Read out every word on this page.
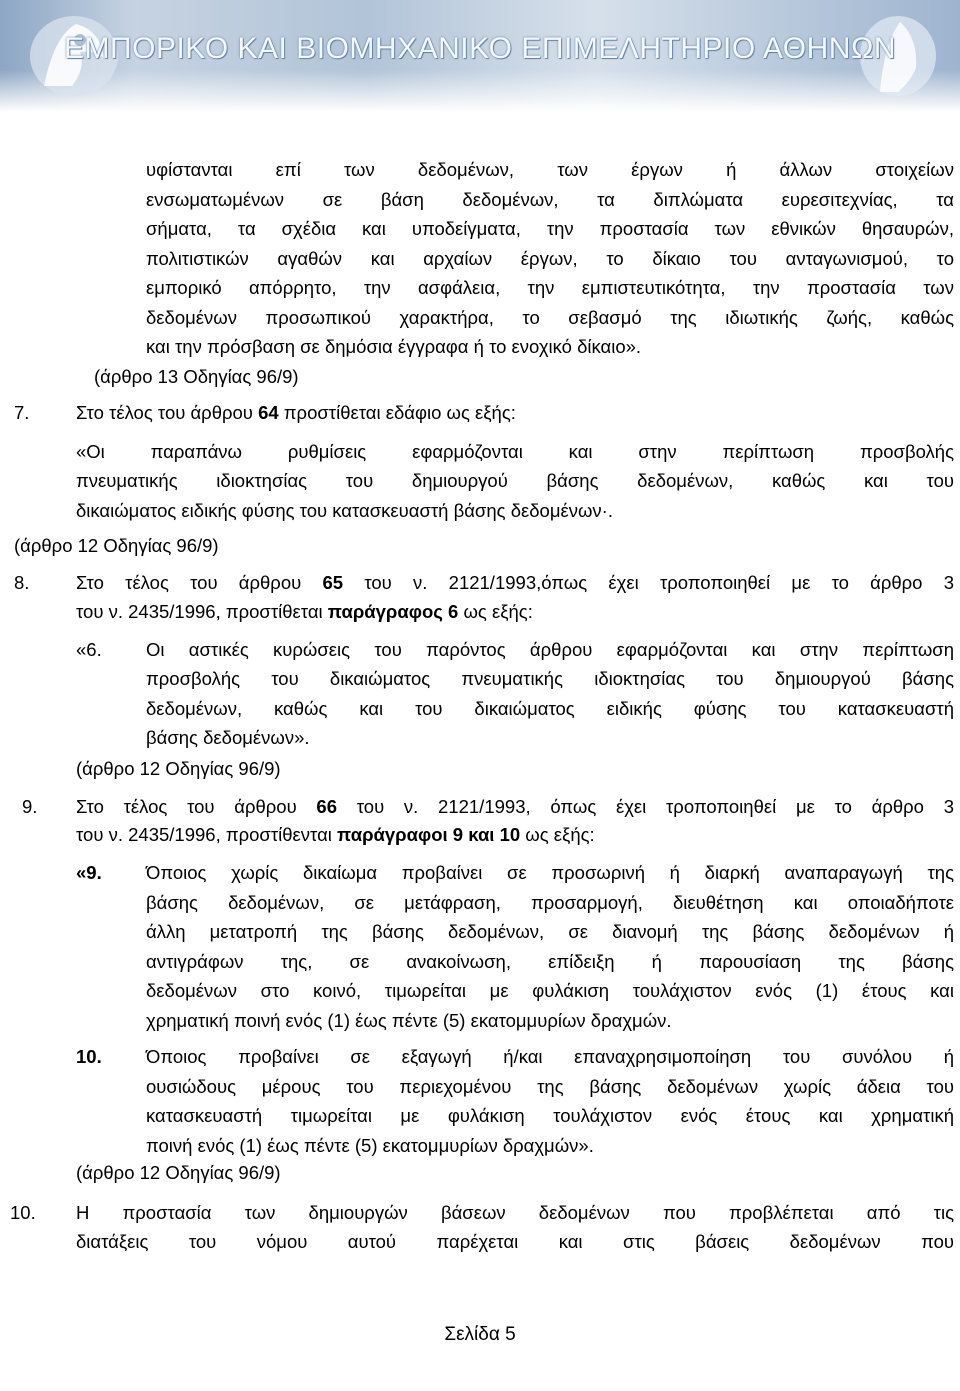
ΕΜΠΟΡΙΚΟ ΚΑΙ ΒΙΟΜΗΧΑΝΙΚΟ ΕΠΙΜΕΛΗΤΗΡΙΟ ΑΘΗΝΩΝ
υφίστανται επί των δεδομένων, των έργων ή άλλων στοιχείων
ενσωματωμένων σε βάση δεδομένων, τα διπλώματα ευρεσιτεχνίας, τα
σήματα, τα σχέδια και υποδείγματα, την προστασία των εθνικών θησαυρών,
πολιτιστικών αγαθών και αρχαίων έργων, το δίκαιο του ανταγωνισμού, το
εμπορικό απόρρητο, την ασφάλεια, την εμπιστευτικότητα, την προστασία των
δεδομένων προσωπικού χαρακτήρα, το σεβασμό της ιδιωτικής ζωής, καθώς
και την πρόσβαση σε δημόσια έγγραφα ή το ενοχικό δίκαιο».
(άρθρο 13 Οδηγίας 96/9)
7.	Στο τέλος του άρθρου 64 προστίθεται εδάφιο ως εξής:
«Οι παραπάνω ρυθμίσεις εφαρμόζονται και στην περίπτωση προσβολής
πνευματικής ιδιοκτησίας του δημιουργού βάσης δεδομένων, καθώς και του
δικαιώματος ειδικής φύσης του κατασκευαστή βάσης δεδομένων·.
(άρθρο 12 Οδηγίας 96/9)
8.	Στο τέλος του άρθρου 65 του ν. 2121/1993,όπως έχει τροποποιηθεί με το άρθρο 3
του ν. 2435/1996, προστίθεται παράγραφος 6 ως εξής:
«6. Οι αστικές κυρώσεις του παρόντος άρθρου εφαρμόζονται και στην περίπτωση
προσβολής του δικαιώματος πνευματικής ιδιοκτησίας του δημιουργού βάσης
δεδομένων, καθώς και του δικαιώματος ειδικής φύσης του κατασκευαστή
βάσης δεδομένων».
(άρθρο 12 Οδηγίας 96/9)
9. Στο τέλος του άρθρου 66 του ν. 2121/1993, όπως έχει τροποποιηθεί με το άρθρο 3
του ν. 2435/1996, προστίθενται παράγραφοι 9 και 10 ως εξής:
«9. Όποιος χωρίς δικαίωμα προβαίνει σε προσωρινή ή διαρκή αναπαραγωγή της
βάσης δεδομένων, σε μετάφραση, προσαρμογή, διευθέτηση και οποιαδήποτε
άλλη μετατροπή της βάσης δεδομένων, σε διανομή της βάσης δεδομένων ή
αντιγράφων της, σε ανακοίνωση, επίδειξη ή παρουσίαση της βάσης
δεδομένων στο κοινό, τιμωρείται με φυλάκιση τουλάχιστον ενός (1) έτους και
χρηματική ποινή ενός (1) έως πέντε (5) εκατομμυρίων δραχμών.
10. Όποιος προβαίνει σε εξαγωγή ή/και επαναχρησιμοποίηση του συνόλου ή
ουσιώδους μέρους του περιεχομένου της βάσης δεδομένων χωρίς άδεια του
κατασκευαστή τιμωρείται με φυλάκιση τουλάχιστον ενός έτους και χρηματική
ποινή ενός (1) έως πέντε (5) εκατομμυρίων δραχμών».
(άρθρο 12 Οδηγίας 96/9)
10. Η προστασία των δημιουργών βάσεων δεδομένων που προβλέπεται από τις
διατάξεις του νόμου αυτού παρέχεται και στις βάσεις δεδομένων που
Σελίδα 5
